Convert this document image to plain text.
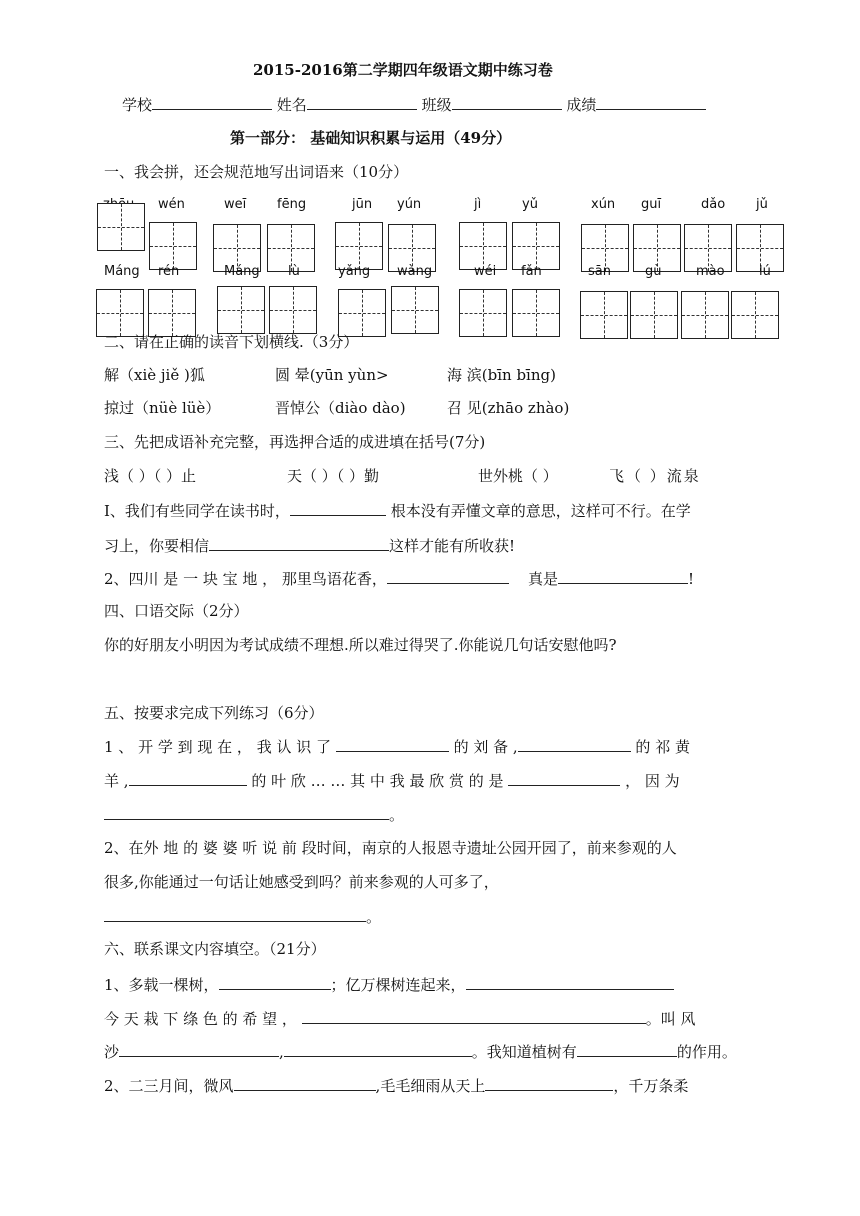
2015-2016第二学期四年级语文期中练习卷
学校	姓名	班级	成绩
第一部分： 基础知识积累与运用（49分）
一、我会拼，还会规范地写出词语来（10分）
wén	weī fēng	jūn yún	jì	yǔ	xún guī	dǎo jǔ
Máng rén	Máng lù	yǎng wàng	wéi fǎn	sān	gù	mào	lú
二、请在正确的读音下划横线.（3分）
解（xiè jiě )狐	圆 晕(yūn yùn>	海 滨(bīn bīng)
掠过（nüè lüè）	晋悼公（diào dào)	召 见(zhāo zhào)
三、先把成语补充完整，再选押合适的成进填在括号(7分)
浅（ ）（ ）止	天（ ）（ ）勤	世外桃（ ）	飞（ ）流泉
I、我们有些同学在读书时，	根本没有弄懂文章的意思，这样可不行。在学
习上，你要相信	这样才能有所收获!
2、四川 是 一 块 宝 地 ， 那里鸟语花香，	真是	!
四、口语交际（2分）
你的好朋友小明因为考试成绩不理想.所以难过得哭了.你能说几句话安慰他吗?
五、按要求完成下列练习（6分）
1 、 开 学 到 现 在 ， 我 认 识 了	的 刘 备 ,	的 祁 黄
羊 ,	的 叶 欣 … … 其 中 我 最 欣 赏 的 是	， 因 为
。
2、在外 地 的 婆 婆 听 说 前 段时间，南京的人报恩寺遗址公园开园了，前来参观的人
很多,你能通过一句话让她感受到吗？前来参观的人可多了，
。
六、联系课文内容填空。（21分）
1、多载一棵树，	；亿万棵树连起来，
今 天 栽 下 绦 色 的 希 望 ，	。叫 风
沙	,	。我知道植树有	的作用。
2、二三月间，微风	,毛毛细雨从天上	，千万条柔
